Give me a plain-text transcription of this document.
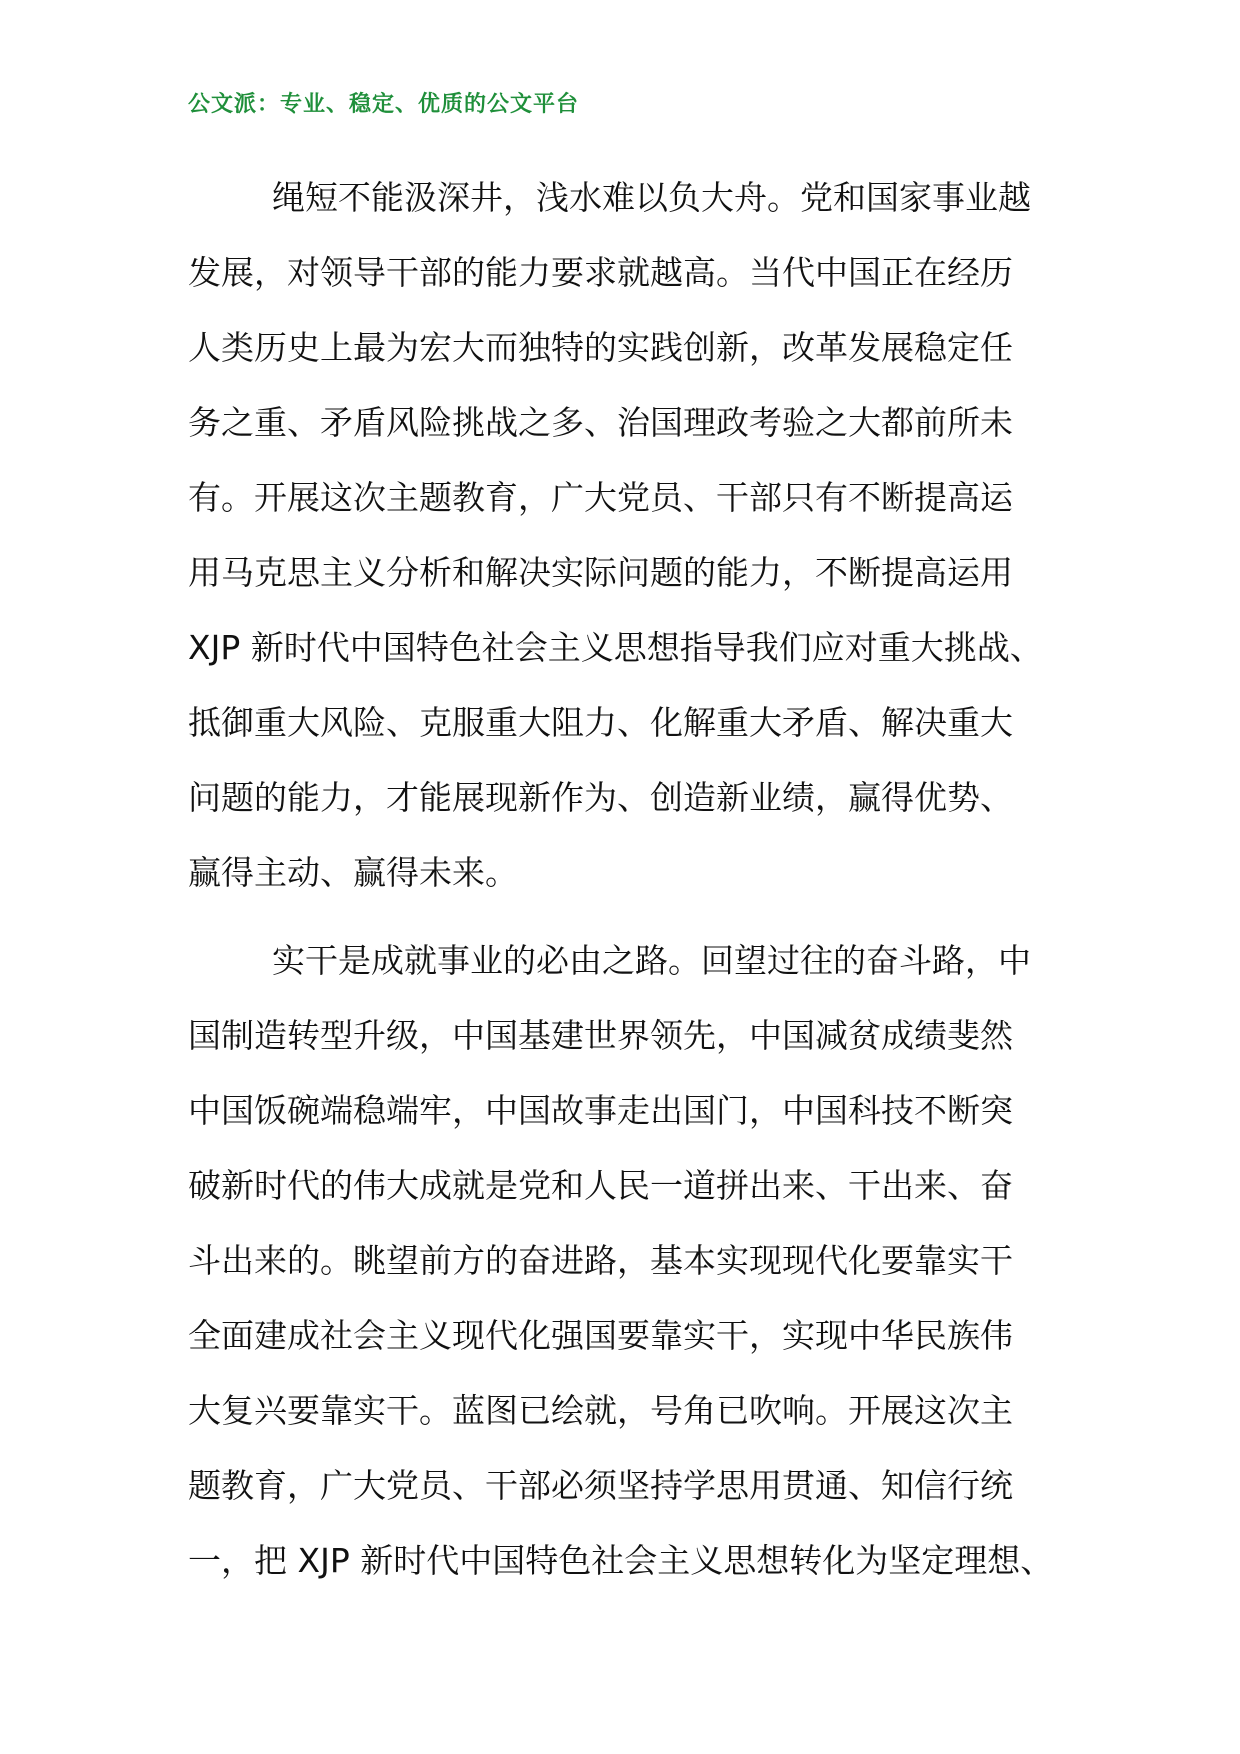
公文派：专业、稳定、优质的公文平台
绳短不能汲深井，浅水难以负大舟。党和国家事业越
发展，对领导干部的能力要求就越高。当代中国正在经历
人类历史上最为宏大而独特的实践创新，改革发展稳定任
务之重、矛盾风险挑战之多、治国理政考验之大都前所未
有。开展这次主题教育，广大党员、干部只有不断提高运
用马克思主义分析和解决实际问题的能力，不断提高运用
XJP 新时代中国特色社会主义思想指导我们应对重大挑战、
抵御重大风险、克服重大阻力、化解重大矛盾、解决重大
问题的能力，才能展现新作为、创造新业绩，赢得优势、
赢得主动、赢得未来。
实干是成就事业的必由之路。回望过往的奋斗路，中
国制造转型升级，中国基建世界领先，中国减贫成绩斐然
中国饭碗端稳端牢，中国故事走出国门，中国科技不断突
破新时代的伟大成就是党和人民一道拼出来、干出来、奋
斗出来的。眺望前方的奋进路，基本实现现代化要靠实干
全面建成社会主义现代化强国要靠实干，实现中华民族伟
大复兴要靠实干。蓝图已绘就，号角已吹响。开展这次主
题教育，广大党员、干部必须坚持学思用贯通、知信行统
一，把 XJP 新时代中国特色社会主义思想转化为坚定理想、
